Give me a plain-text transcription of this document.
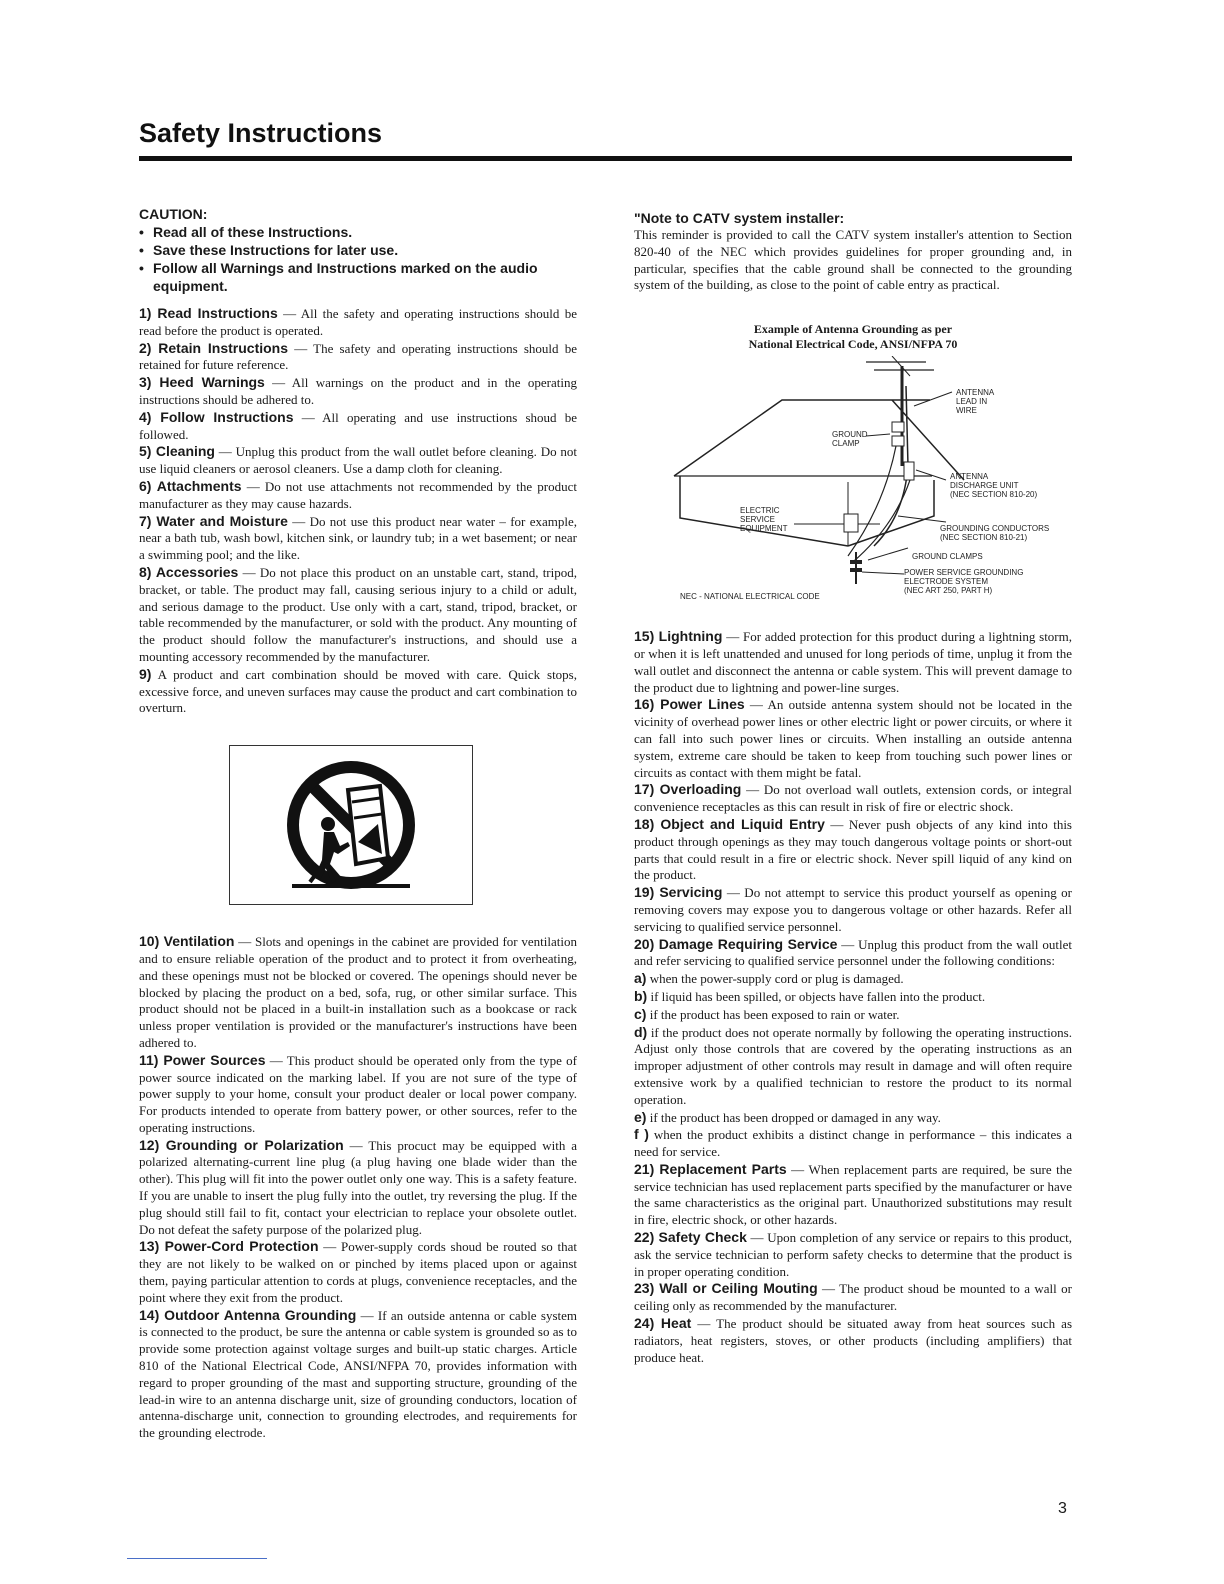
Safety Instructions
CAUTION:
• Read all of these Instructions.
• Save these Instructions for later use.
• Follow all Warnings and Instructions marked on the audio equipment.

1) Read Instructions — All the safety and operating instructions should be read before the product is operated.

2) Retain Instructions — The safety and operating instructions should be retained for future reference.

3) Heed Warnings — All warnings on the product and in the operating instructions should be adhered to.

4) Follow Instructions — All operating and use instructions shoud be followed.

5) Cleaning — Unplug this product from the wall outlet before cleaning. Do not use liquid cleaners or aerosol cleaners. Use a damp cloth for cleaning.

6) Attachments — Do not use attachments not recommended by the product manufacturer as they may cause hazards.

7) Water and Moisture — Do not use this product near water – for example, near a bath tub, wash bowl, kitchen sink, or laundry tub; in a wet basement; or near a swimming pool; and the like.

8) Accessories — Do not place this product on an unstable cart, stand, tripod, bracket, or table. The product may fall, causing serious injury to a child or adult, and serious damage to the product. Use only with a cart, stand, tripod, bracket, or table recommended by the manufacturer, or sold with the product. Any mounting of the product should follow the manufacturer's instructions, and should use a mounting accessory recommended by the manufacturer.

9) A product and cart combination should be moved with care. Quick stops, excessive force, and uneven surfaces may cause the product and cart combination to overturn.

10) Ventilation — Slots and openings in the cabinet are provided for ventilation and to ensure reliable operation of the product and to protect it from overheating, and these openings must not be blocked or covered. The openings should never be blocked by placing the product on a bed, sofa, rug, or other similar surface. This product should not be placed in a built-in installation such as a bookcase or rack unless proper ventilation is provided or the manufacturer's instructions have been adhered to.

11) Power Sources — This product should be operated only from the type of power source indicated on the marking label. If you are not sure of the type of power supply to your home, consult your product dealer or local power company. For products intended to operate from battery power, or other sources, refer to the operating instructions.

12) Grounding or Polarization — This procuct may be equipped with a polarized alternating-current line plug (a plug having one blade wider than the other). This plug will fit into the power outlet only one way. This is a safety feature. If you are unable to insert the plug fully into the outlet, try reversing the plug. If the plug should still fail to fit, contact your electrician to replace your obsolete outlet. Do not defeat the safety purpose of the polarized plug.

13) Power-Cord Protection — Power-supply cords shoud be routed so that they are not likely to be walked on or pinched by items placed upon or against them, paying particular attention to cords at plugs, convenience receptacles, and the point where they exit from the product.

14) Outdoor Antenna Grounding — If an outside antenna or cable system is connected to the product, be sure the antenna or cable system is grounded so as to provide some protection against voltage surges and built-up static charges. Article 810 of the National Electrical Code, ANSI/NFPA 70, provides information with regard to proper grounding of the mast and supporting structure, grounding of the lead-in wire to an antenna discharge unit, size of grounding conductors, location of antenna-discharge unit, connection to grounding electrodes, and requirements for the grounding electrode.

"Note to CATV system installer:

This reminder is provided to call the CATV system installer's attention to Section 820-40 of the NEC which provides guidelines for proper grounding and, in particular, specifies that the cable ground shall be connected to the grounding system of the building, as close to the point of cable entry as practical.

Example of Antenna Grounding as per
National Electrical Code, ANSI/NFPA 70

ANTENNA
LEAD IN
WIRE
GROUND
CLAMP
ANTENNA
DISCHARGE UNIT
(NEC SECTION 810-20)
ELECTRIC
SERVICE
EQUIPMENT	GROUNDING CONDUCTORS
(NEC SECTION 810-21)
GROUND CLAMPS
POWER SERVICE GROUNDING
ELECTRODE SYSTEM
(NEC ART 250, PART H)
NEC - NATIONAL ELECTRICAL CODE

15) Lightning — For added protection for this product during a lightning storm, or when it is left unattended and unused for long periods of time, unplug it from the wall outlet and disconnect the antenna or cable system. This will prevent damage to the product due to lightning and power-line surges.

16) Power Lines — An outside antenna system should not be located in the vicinity of overhead power lines or other electric light or power circuits, or where it can fall into such power lines or circuits. When installing an outside antenna system, extreme care should be taken to keep from touching such power lines or circuits as contact with them might be fatal.

17) Overloading — Do not overload wall outlets, extension cords, or integral convenience receptacles as this can result in risk of fire or electric shock.

18) Object and Liquid Entry — Never push objects of any kind into this product through openings as they may touch dangerous voltage points or short-out parts that could result in a fire or electric shock. Never spill liquid of any kind on the product.

19) Servicing — Do not attempt to service this product yourself as opening or removing covers may expose you to dangerous voltage or other hazards. Refer all servicing to qualified service personnel.

20) Damage Requiring Service — Unplug this product from the wall outlet and refer servicing to qualified service personnel under the following conditions:

a) when the power-supply cord or plug is damaged.

b) if liquid has been spilled, or objects have fallen into the product.

c) if the product has been exposed to rain or water.

d) if the product does not operate normally by following the operating instructions. Adjust only those controls that are covered by the operating instructions as an improper adjustment of other controls may result in damage and will often require extensive work by a qualified technician to restore the product to its normal operation.

e) if the product has been dropped or damaged in any way.

f ) when the product exhibits a distinct change in performance – this indicates a need for service.

21) Replacement Parts — When replacement parts are required, be sure the service technician has used replacement parts specified by the manufacturer or have the same characteristics as the original part. Unauthorized substitutions may result in fire, electric shock, or other hazards.

22) Safety Check — Upon completion of any service or repairs to this product, ask the service technician to perform safety checks to determine that the product is in proper operating condition.

23) Wall or Ceiling Mouting — The product shoud be mounted to a wall or ceiling only as recommended by the manufacturer.

24) Heat — The product should be situated away from heat sources such as radiators, heat registers, stoves, or other products (including amplifiers) that produce heat.

3
